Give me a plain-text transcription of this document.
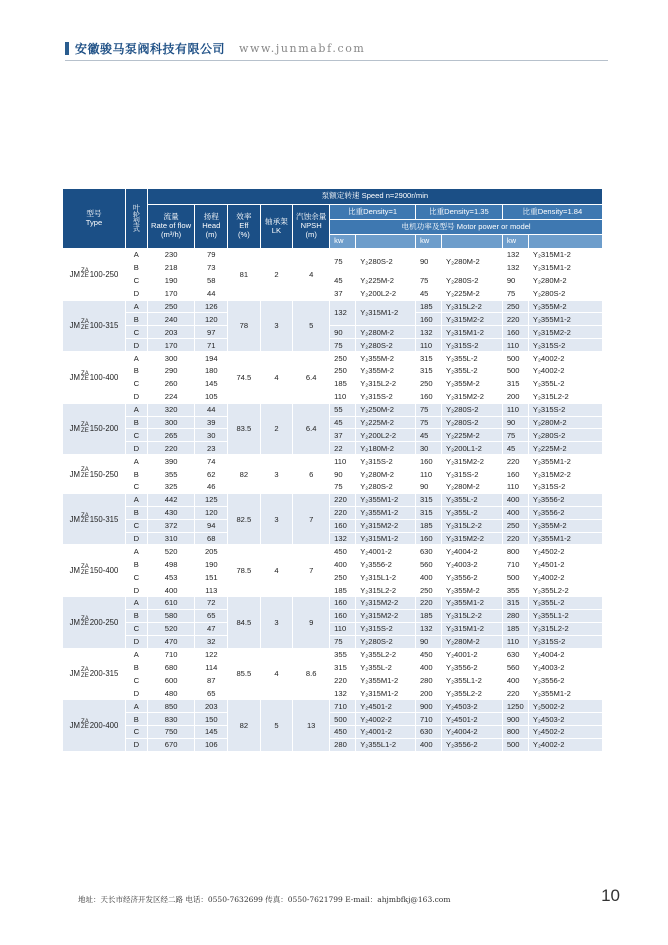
安徽骏马泵阀科技有限公司 www.junmabf.com
型号
Type	叶轮型式	泵额定转速 Speed n=2900r/min										
		流量
Rate of flow
(m³/h)	扬程
Head
(m)	效率
Eff
(%)	轴承架
LK	汽蚀余量
NPSH
(m)	比重Density=1		比重Density=1.35		比重Density=1.84	
							电机功率及型号 Motor power or model					
							kw		kw		kw	

JM ZA
ZE 100-250	A	230	79	81	2	4	75	Y₂280S-2	90	Y₂280M-2	132	Y₂315M1-2
	B	218	73								132	Y₂315M1-2
	C	190	58				45	Y₂225M-2	75	Y₂280S-2	90	Y₂280M-2
	D	170	44				37	Y₂200L2-2	45	Y₂225M-2	75	Y₂280S-2

JM ZA
ZE 100-315	A	250	126	78	3	5	132	Y₂315M1-2	185	Y₂315L2-2	250	Y₂355M-2
	B	240	120						160	Y₂315M2-2	220	Y₂355M1-2
	C	203	97				90	Y₂280M-2	132	Y₂315M1-2	160	Y₂315M2-2
	D	170	71				75	Y₂280S-2	110	Y₂315S-2	110	Y₂315S-2

JM ZA
ZE 100-400	A	300	194	74.5	4	6.4	250	Y₂355M-2	315	Y₂355L-2	500	Y₂4002-2
	B	290	180				250	Y₂355M-2	315	Y₂355L-2	500	Y₂4002-2
	C	260	145				185	Y₂315L2-2	250	Y₂355M-2	315	Y₂355L-2
	D	224	105				110	Y₂315S-2	160	Y₂315M2-2	200	Y₂315L2-2

JM ZA
ZE 150-200	A	320	44	83.5	2	6.4	55	Y₂250M-2	75	Y₂280S-2	110	Y₂315S-2
	B	300	39				45	Y₂225M-2	75	Y₂280S-2	90	Y₂280M-2
	C	265	30				37	Y₂200L2-2	45	Y₂225M-2	75	Y₂280S-2
	D	220	23				22	Y₂180M-2	30	Y₂200L1-2	45	Y₂225M-2

JM ZA
ZE 150-250	A	390	74	82	3	6	110	Y₂315S-2	160	Y₂315M2-2	220	Y₂355M1-2
	B	355	62				90	Y₂280M-2	110	Y₂315S-2	160	Y₂315M2-2
	C	325	46				75	Y₂280S-2	90	Y₂280M-2	110	Y₂315S-2

JM ZA
ZE 150-315	A	442	125	82.5	3	7	220	Y₂355M1-2	315	Y₂355L-2	400	Y₂3556-2
	B	430	120				220	Y₂355M1-2	315	Y₂355L-2	400	Y₂3556-2
	C	372	94				160	Y₂315M2-2	185	Y₂315L2-2	250	Y₂355M-2
	D	310	68				132	Y₂315M1-2	160	Y₂315M2-2	220	Y₂355M1-2

JM ZA
ZE 150-400	A	520	205	78.5	4	7	450	Y₂4001-2	630	Y₂4004-2	800	Y₂4502-2
	B	498	190				400	Y₂3556-2	560	Y₂4003-2	710	Y₂4501-2
	C	453	151				250	Y₂315L1-2	400	Y₂3556-2	500	Y₂4002-2
	D	400	113				185	Y₂315L2-2	250	Y₂355M-2	355	Y₂355L2-2

JM ZA
ZE 200-250	A	610	72	84.5	3	9	160	Y₂315M2-2	220	Y₂355M1-2	315	Y₂355L-2
	B	580	65				160	Y₂315M2-2	185	Y₂315L2-2	280	Y₂355L1-2
	C	520	47				110	Y₂315S-2	132	Y₂315M1-2	185	Y₂315L2-2
	D	470	32				75	Y₂280S-2	90	Y₂280M-2	110	Y₂315S-2

JM ZA
ZE 200-315	A	710	122	85.5	4	8.6	355	Y₂355L2-2	450	Y₂4001-2	630	Y₂4004-2
	B	680	114				315	Y₂355L-2	400	Y₂3556-2	560	Y₂4003-2
	C	600	87				220	Y₂355M1-2	280	Y₂355L1-2	400	Y₂3556-2
	D	480	65				132	Y₂315M1-2	200	Y₂355L2-2	220	Y₂355M1-2

JM ZA
ZE 200-400	A	850	203	82	5	13	710	Y₂4501-2	900	Y₂4503-2	1250	Y₂5002-2
	B	830	150				500	Y₂4002-2	710	Y₂4501-2	900	Y₂4503-2
	C	750	145				450	Y₂4001-2	630	Y₂4004-2	800	Y₂4502-2
	D	670	106				280	Y₂355L1-2	400	Y₂3556-2	500	Y₂4002-2
地址：天长市经济开发区经二路 电话：0550-7632699 传真：0550-7621799 E-mail：ahjmbfkj@163.com	10
